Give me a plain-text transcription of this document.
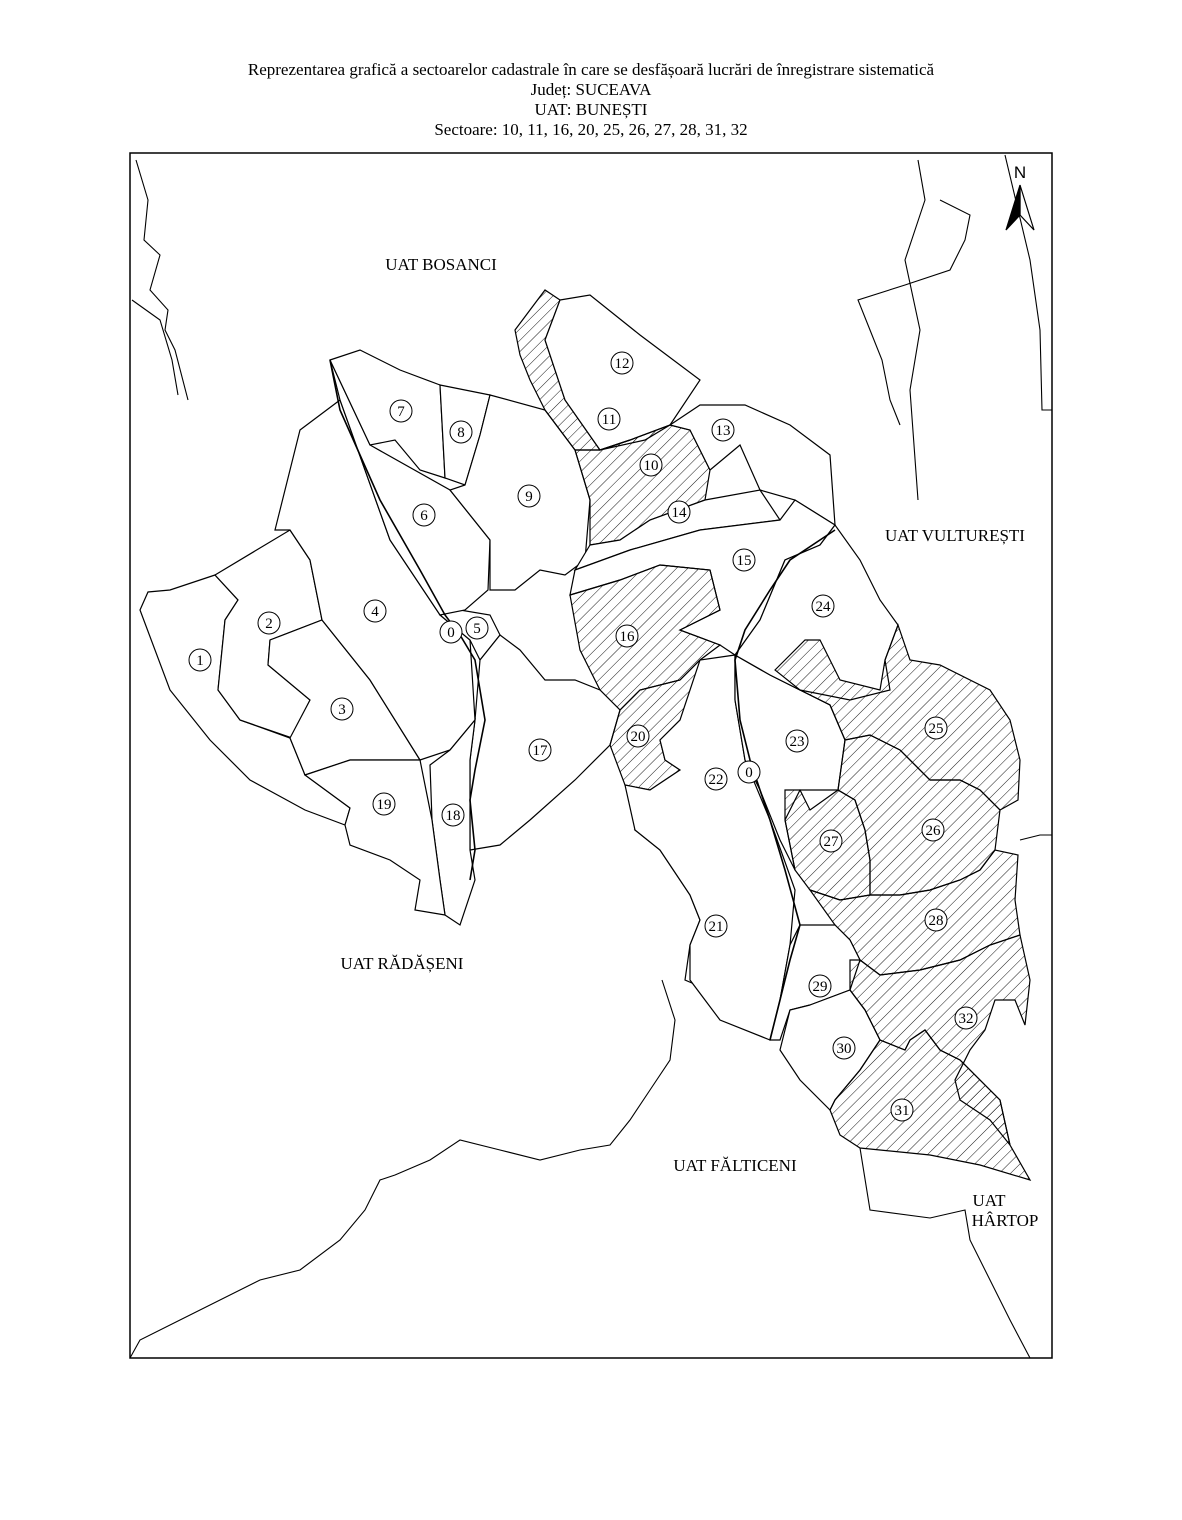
Reprezentarea grafică a sectoarelor cadastrale în care se desfășoară lucrări de înregistrare sistematică
Județ: SUCEAVA
UAT: BUNEȘTI
Sectoare: 10, 11, 16, 20, 25, 26, 27, 28, 31, 32
0
0
1
2
3
4
5
6
7
8
9
10
11
12
13
14
15
16
17
18
19
20
21
22
23
24
25
26
27
28
29
30
31
32
UAT BOSANCI
UAT VULTUREȘTI
UAT RĂDĂȘENI
UAT FĂLTICENI
UAT
HÂRTOP
N
